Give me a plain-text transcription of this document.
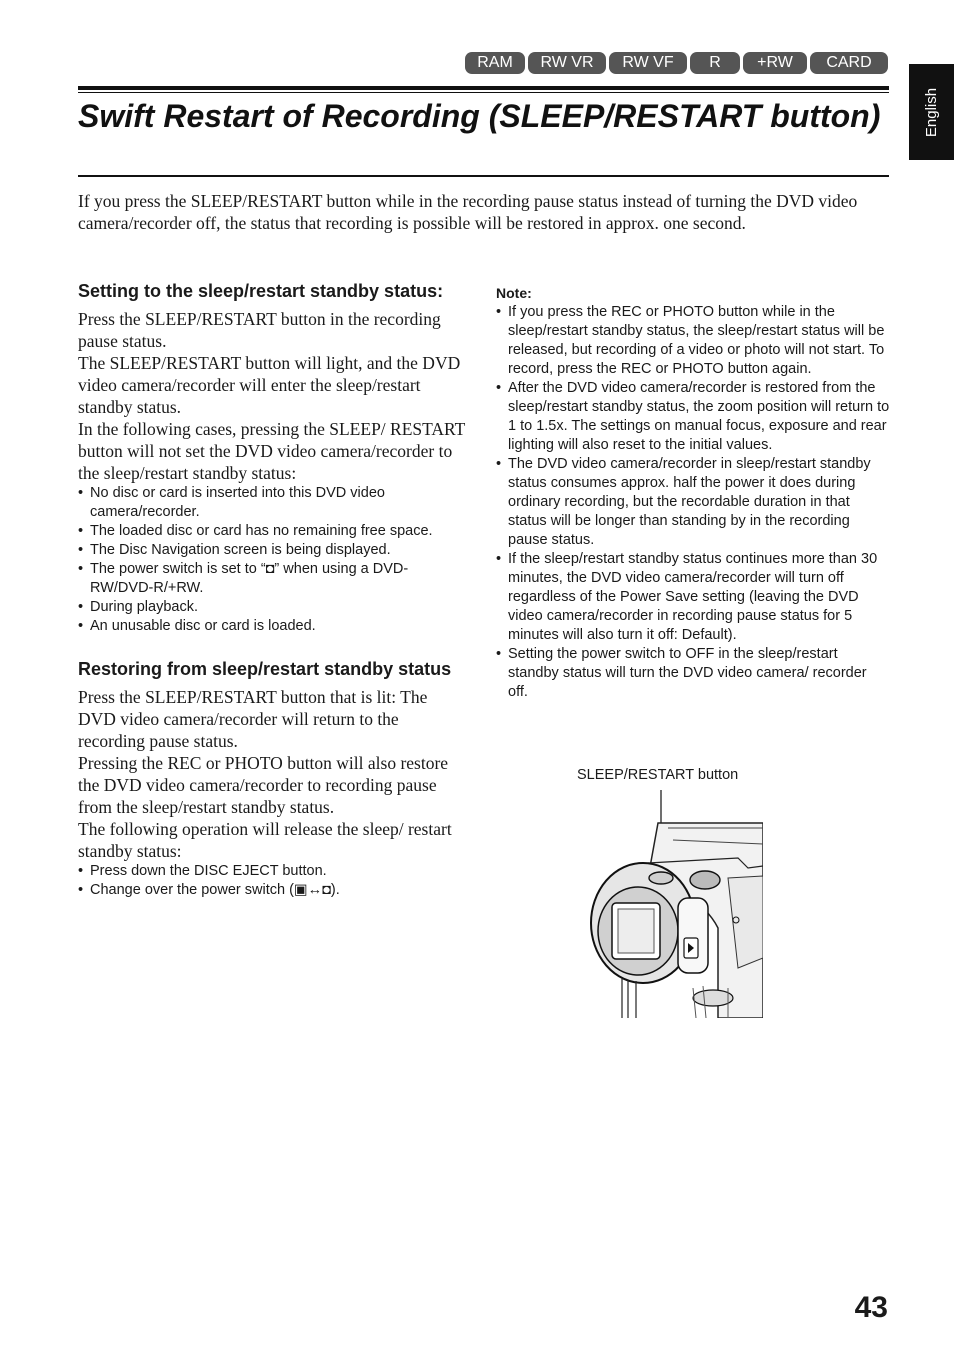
RAM	RW VR	RW VF	R	+RW	CARD
English
Swift Restart of Recording (SLEEP/RESTART button)

If you press the SLEEP/RESTART button while in the recording pause status instead of turning the DVD video camera/recorder off, the status that recording is possible will be restored in approx. one second.

Setting to the sleep/restart standby status:

Press the SLEEP/RESTART button in the recording pause status.

The SLEEP/RESTART button will light, and the DVD video camera/recorder will enter the sleep/restart standby status.

In the following cases, pressing the SLEEP/ RESTART button will not set the DVD video camera/recorder to the sleep/restart standby status:

• No disc or card is inserted into this DVD video camera/recorder.
• The loaded disc or card has no remaining free space.
• The Disc Navigation screen is being displayed.
• The power switch is set to “◘” when using a DVD-RW/DVD-R/+RW.
• During playback.
• An unusable disc or card is loaded.
Restoring from sleep/restart standby status

Press the SLEEP/RESTART button that is lit: The DVD video camera/recorder will return to the recording pause status.

Pressing the REC or PHOTO button will also restore the DVD video camera/recorder to recording pause from the sleep/restart standby status.

The following operation will release the sleep/ restart standby status:

• Press down the DISC EJECT button.
• Change over the power switch (▣↔◘).
Note:
• If you press the REC or PHOTO button while in the sleep/restart standby status, the sleep/restart status will be released, but recording of a video or photo will not start. To record, press the REC or PHOTO button again.
• After the DVD video camera/recorder is restored from the sleep/restart standby status, the zoom position will return to 1 to 1.5x. The settings on manual focus, exposure and rear lighting will also reset to the initial values.
• The DVD video camera/recorder in sleep/restart standby status consumes approx. half the power it does during ordinary recording, but the recordable duration in that status will be longer than standing by in the recording pause status.
• If the sleep/restart standby status continues more than 30 minutes, the DVD video camera/recorder will turn off regardless of the Power Save setting (leaving the DVD video camera/recorder in recording pause status for 5 minutes will also turn it off: Default).
• Setting the power switch to OFF in the sleep/restart standby status will turn the DVD video camera/ recorder off.
SLEEP/RESTART button
43
